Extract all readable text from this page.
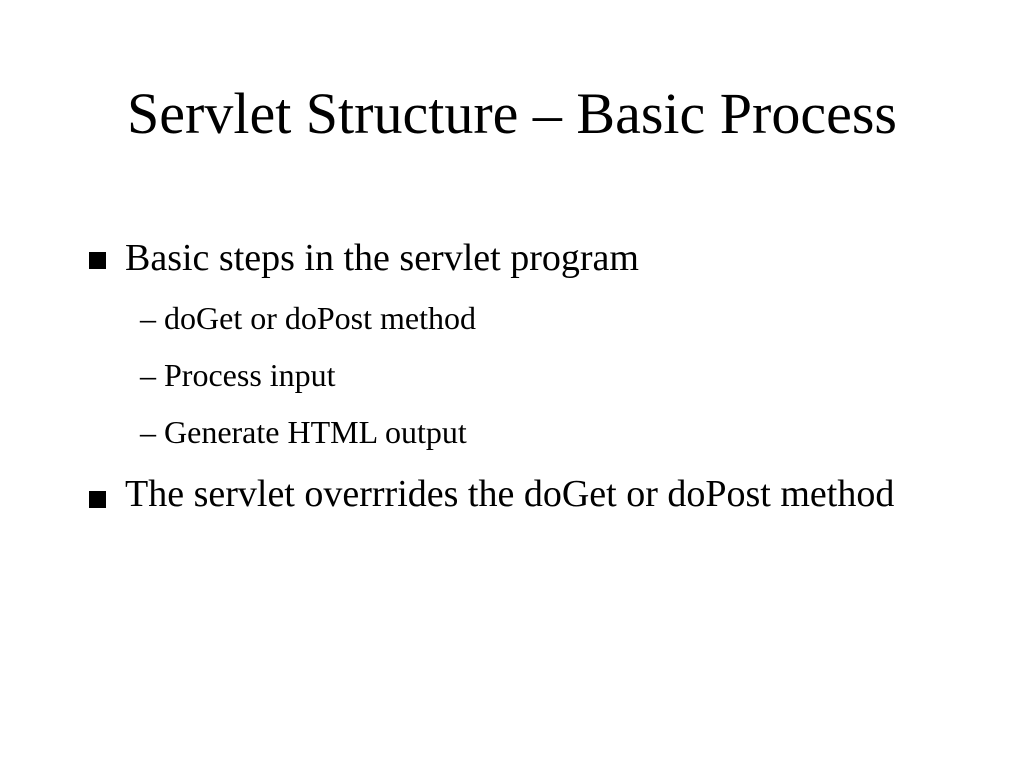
Servlet Structure – Basic Process
Basic steps in the servlet program
– doGet or doPost method
– Process input
– Generate HTML output
The servlet overrrides the doGet or doPost method
